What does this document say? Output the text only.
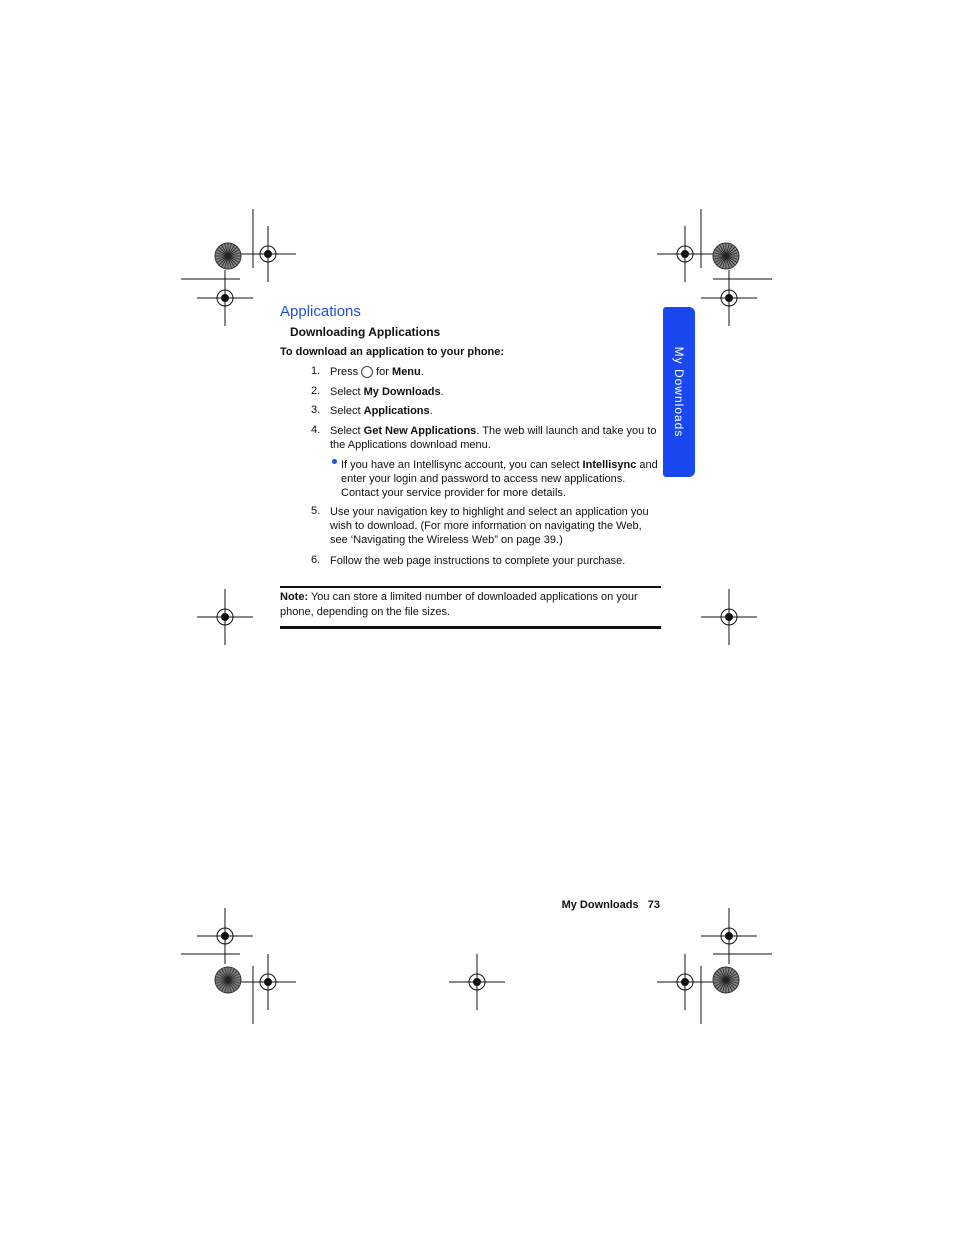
Applications
Downloading Applications
To download an application to your phone:
1. Press for Menu.
2. Select My Downloads.
3. Select Applications.
4. Select Get New Applications. The web will launch and take you to the Applications download menu.
If you have an Intellisync account, you can select Intellisync and enter your login and password to access new applications. Contact your service provider for more details.
5. Use your navigation key to highlight and select an application you wish to download. (For more information on navigating the Web, see ‘Navigating the Wireless Web” on page 39.)
6. Follow the web page instructions to complete your purchase.
Note: You can store a limited number of downloaded applications on your phone, depending on the file sizes.
My Downloads
My Downloads 73
